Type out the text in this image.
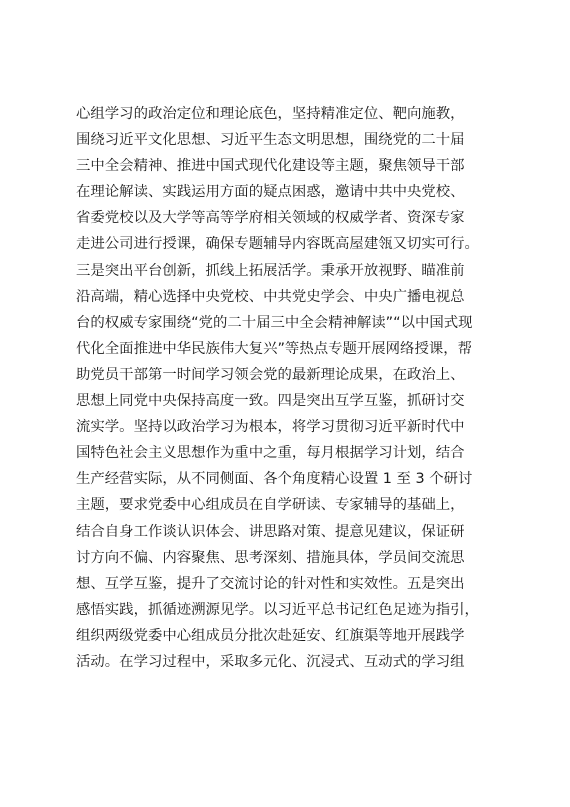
心组学习的政治定位和理论底色，坚持精准定位、靶向施教，
围绕习近平文化思想、习近平生态文明思想，围绕党的二十届
三中全会精神、推进中国式现代化建设等主题，聚焦领导干部
在理论解读、实践运用方面的疑点困惑，邀请中共中央党校、
省委党校以及大学等高等学府相关领域的权威学者、资深专家
走进公司进行授课，确保专题辅导内容既高屋建瓴又切实可行。
三是突出平台创新，抓线上拓展活学。秉承开放视野、瞄准前
沿高端，精心选择中央党校、中共党史学会、中央广播电视总
台的权威专家围绕“党的二十届三中全会精神解读”“以中国式现
代化全面推进中华民族伟大复兴”等热点专题开展网络授课，帮
助党员干部第一时间学习领会党的最新理论成果，在政治上、
思想上同党中央保持高度一致。四是突出互学互鉴，抓研讨交
流实学。坚持以政治学习为根本，将学习贯彻习近平新时代中
国特色社会主义思想作为重中之重，每月根据学习计划，结合
生产经营实际，从不同侧面、各个角度精心设置 1 至 3 个研讨
主题，要求党委中心组成员在自学研读、专家辅导的基础上，
结合自身工作谈认识体会、讲思路对策、提意见建议，保证研
讨方向不偏、内容聚焦、思考深刻、措施具体，学员间交流思
想、互学互鉴，提升了交流讨论的针对性和实效性。五是突出
感悟实践，抓循迹溯源见学。以习近平总书记红色足迹为指引，
组织两级党委中心组成员分批次赴延安、红旗渠等地开展践学
活动。在学习过程中，采取多元化、沉浸式、互动式的学习组
